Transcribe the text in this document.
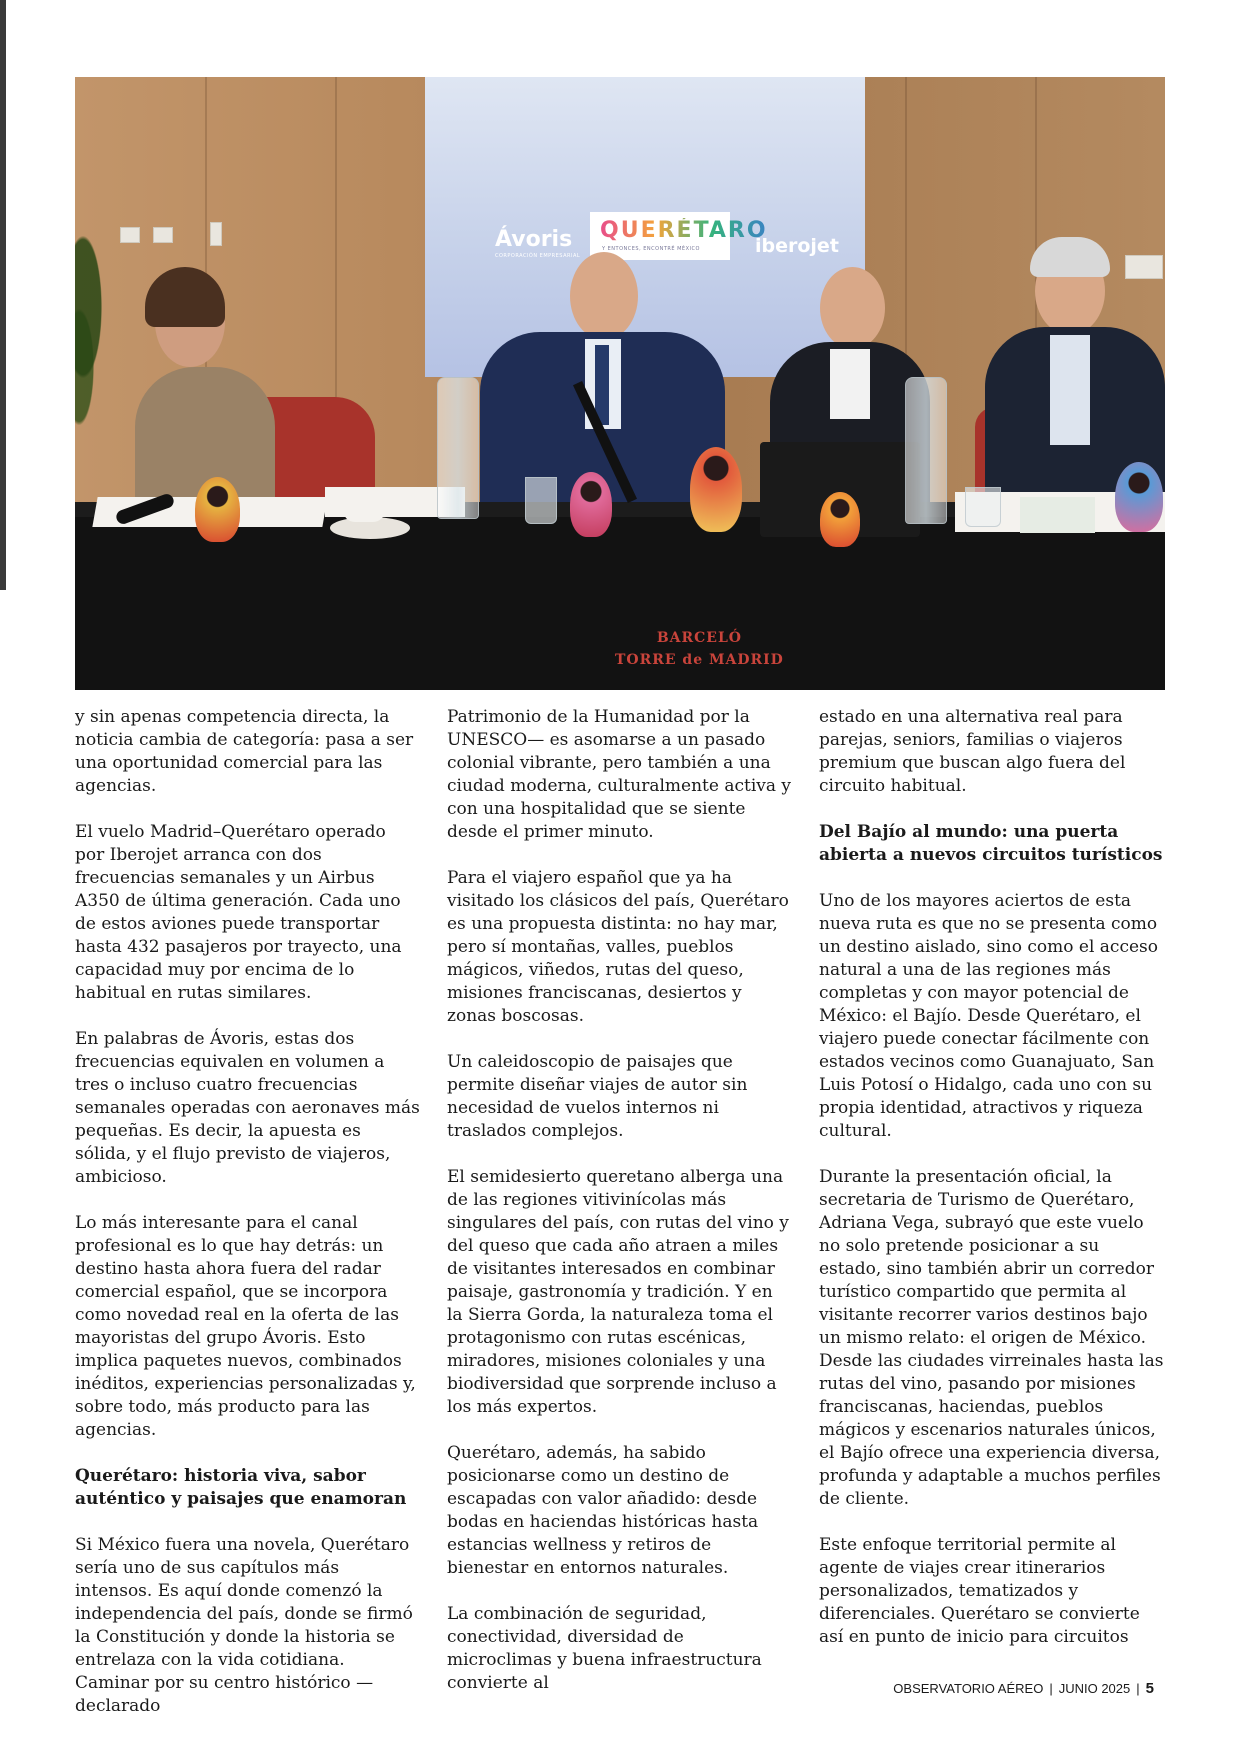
Ávoris
CORPORACIÓN EMPRESARIAL
QUERÉTARO
Y ENTONCES, ENCONTRÉ MÉXICO	iberojet
BARCELÓ
TORRE de MADRID

y sin apenas competencia directa, la noticia cambia de categoría: pasa a ser una oportunidad comercial para las agencias.

El vuelo Madrid–Querétaro operado por Iberojet arranca con dos frecuencias semanales y un Airbus A350 de última generación. Cada uno de estos aviones puede transportar hasta 432 pasajeros por trayecto, una capacidad muy por encima de lo habitual en rutas similares.

En palabras de Ávoris, estas dos frecuencias equivalen en volumen a tres o incluso cuatro frecuencias semanales operadas con aeronaves más pequeñas. Es decir, la apuesta es sólida, y el flujo previsto de viajeros, ambicioso.

Lo más interesante para el canal profesional es lo que hay detrás: un destino hasta ahora fuera del radar comercial español, que se incorpora como novedad real en la oferta de las mayoristas del grupo Ávoris. Esto implica paquetes nuevos, combinados inéditos, experiencias personalizadas y, sobre todo, más producto para las agencias.

Querétaro: historia viva, sabor auténtico y paisajes que enamoran

Si México fuera una novela, Querétaro sería uno de sus capítulos más intensos. Es aquí donde comenzó la independencia del país, donde se firmó la Constitución y donde la historia se entrelaza con la vida cotidiana. Caminar por su centro histórico —declarado

Patrimonio de la Humanidad por la UNESCO— es asomarse a un pasado colonial vibrante, pero también a una ciudad moderna, culturalmente activa y con una hospitalidad que se siente desde el primer minuto.

Para el viajero español que ya ha visitado los clásicos del país, Querétaro es una propuesta distinta: no hay mar, pero sí montañas, valles, pueblos mágicos, viñedos, rutas del queso, misiones franciscanas, desiertos y zonas boscosas.

Un caleidoscopio de paisajes que permite diseñar viajes de autor sin necesidad de vuelos internos ni traslados complejos.

El semidesierto queretano alberga una de las regiones vitivinícolas más singulares del país, con rutas del vino y del queso que cada año atraen a miles de visitantes interesados en combinar paisaje, gastronomía y tradición. Y en la Sierra Gorda, la naturaleza toma el protagonismo con rutas escénicas, miradores, misiones coloniales y una biodiversidad que sorprende incluso a los más expertos.

Querétaro, además, ha sabido posicionarse como un destino de escapadas con valor añadido: desde bodas en haciendas históricas hasta estancias wellness y retiros de bienestar en entornos naturales.

La combinación de seguridad, conectividad, diversidad de microclimas y buena infraestructura convierte al

estado en una alternativa real para parejas, seniors, familias o viajeros premium que buscan algo fuera del circuito habitual.

Del Bajío al mundo: una puerta abierta a nuevos circuitos turísticos

Uno de los mayores aciertos de esta nueva ruta es que no se presenta como un destino aislado, sino como el acceso natural a una de las regiones más completas y con mayor potencial de México: el Bajío. Desde Querétaro, el viajero puede conectar fácilmente con estados vecinos como Guanajuato, San Luis Potosí o Hidalgo, cada uno con su propia identidad, atractivos y riqueza cultural.

Durante la presentación oficial, la secretaria de Turismo de Querétaro, Adriana Vega, subrayó que este vuelo no solo pretende posicionar a su estado, sino también abrir un corredor turístico compartido que permita al visitante recorrer varios destinos bajo un mismo relato: el origen de México. Desde las ciudades virreinales hasta las rutas del vino, pasando por misiones franciscanas, haciendas, pueblos mágicos y escenarios naturales únicos, el Bajío ofrece una experiencia diversa, profunda y adaptable a muchos perfiles de cliente.

Este enfoque territorial permite al agente de viajes crear itinerarios personalizados, tematizados y diferenciales. Querétaro se convierte así en punto de inicio para circuitos

OBSERVATORIO AÉREO | JUNIO 2025 | 5
